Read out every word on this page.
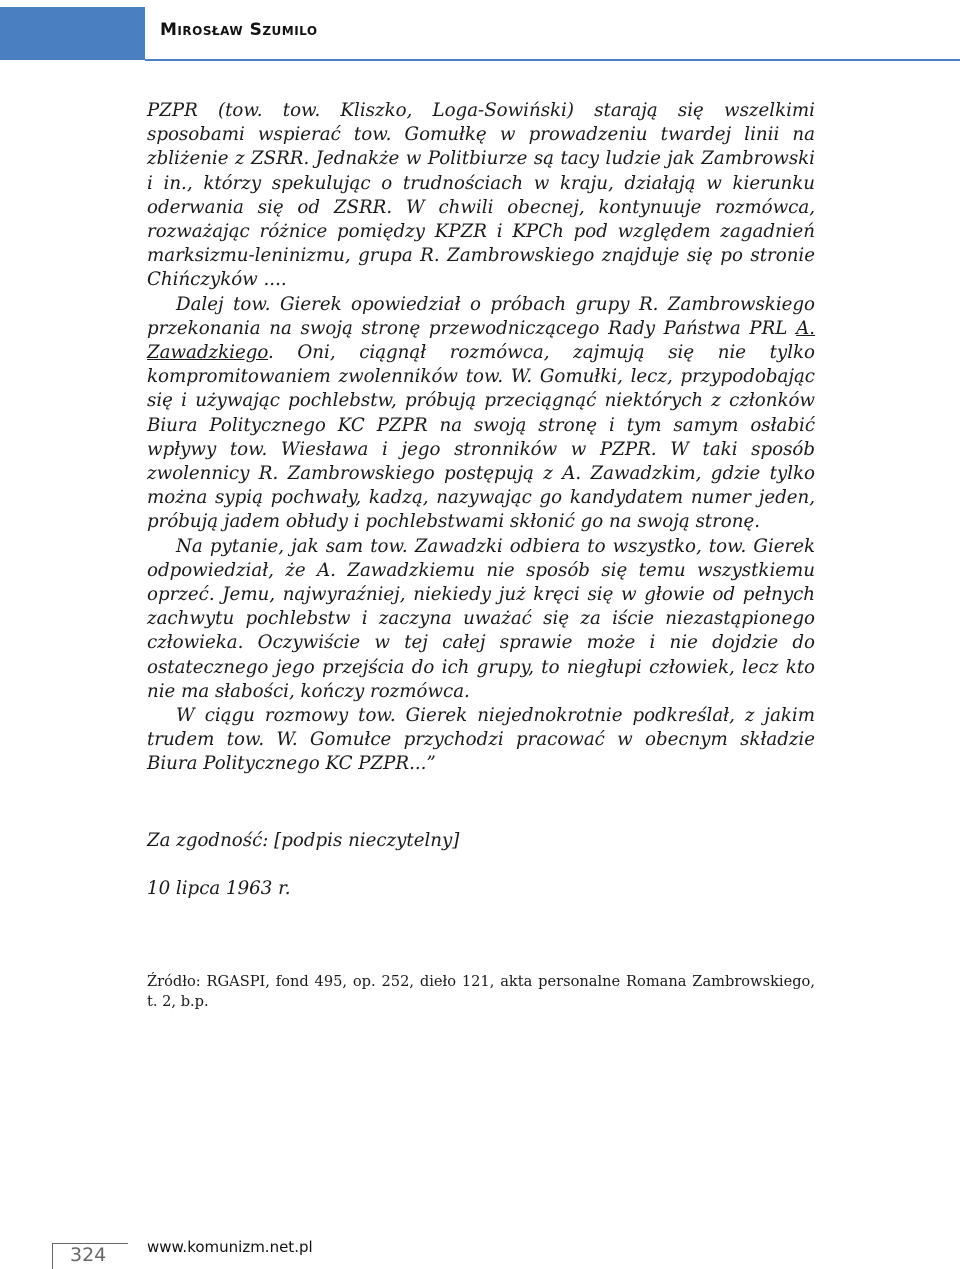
Mirosław Szumilo

PZPR (tow. tow. Kliszko, Loga-Sowiński) starają się wszelkimi sposobami wspierać tow. Gomułkę w prowadzeniu twardej linii na zbliżenie z ZSRR. Jednakże w Politbiurze są tacy ludzie jak Zambrowski i in., którzy spekulując o trudnościach w kraju, działają w kierunku oderwania się od ZSRR. W chwili obecnej, kontynuuje rozmówca, rozważając różnice pomiędzy KPZR i KPCh pod względem zagadnień marksizmu-leninizmu, grupa R. Zambrowskiego znajduje się po stronie Chińczyków ....

Dalej tow. Gierek opowiedział o próbach grupy R. Zambrowskiego przekonania na swoją stronę przewodniczącego Rady Państwa PRL A. Zawadzkiego. Oni, ciągnął rozmówca, zajmują się nie tylko kompromitowaniem zwolenników tow. W. Gomułki, lecz, przypodobając się i używając pochlebstw, próbują przeciągnąć niektórych z członków Biura Politycznego KC PZPR na swoją stronę i tym samym osłabić wpływy tow. Wiesława i jego stronników w PZPR. W taki sposób zwolennicy R. Zambrowskiego postępują z A. Zawadzkim, gdzie tylko można sypią pochwały, kadzą, nazywając go kandydatem numer jeden, próbują jadem obłudy i pochlebstwami skłonić go na swoją stronę.

Na pytanie, jak sam tow. Zawadzki odbiera to wszystko, tow. Gierek odpowiedział, że A. Zawadzkiemu nie sposób się temu wszystkiemu oprzeć. Jemu, najwyraźniej, niekiedy już kręci się w głowie od pełnych zachwytu pochlebstw i zaczyna uważać się za iście niezastąpionego człowieka. Oczywiście w tej całej sprawie może i nie dojdzie do ostatecznego jego przejścia do ich grupy, to niegłupi człowiek, lecz kto nie ma słabości, kończy rozmówca.

W ciągu rozmowy tow. Gierek niejednokrotnie podkreślał, z jakim trudem tow. W. Gomułce przychodzi pracować w obecnym składzie Biura Politycznego KC PZPR...”

Za zgodność: [podpis nieczytelny]
10 lipca 1963 r.
Źródło: RGASPI, fond 495, op. 252, dieło 121, akta personalne Romana Zambrowskiego, t. 2, b.p.
324	www.komunizm.net.pl
